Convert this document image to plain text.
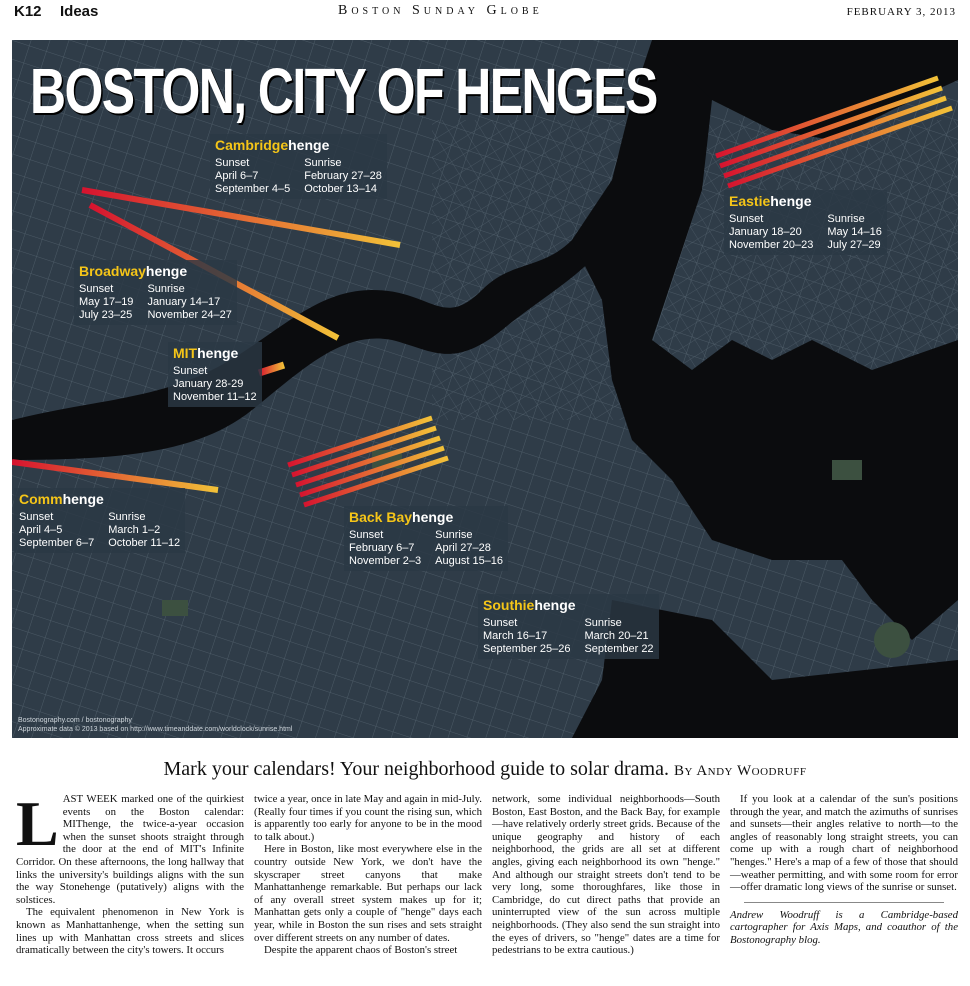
K12 Ideas	Boston Sunday Globe	FEBRUARY 3, 2013
BOSTON, CITY OF HENGES
Cambridgehenge
Sunset
April 6–7
September 4–5
Sunrise
February 27–28
October 13–14
Eastiehenge
Sunset
January 18–20
November 20–23
Sunrise
May 14–16
July 27–29
Broadwayhenge
Sunset
May 17–19
July 23–25
Sunrise
January 14–17
November 24–27
MIThenge
Sunset
January 28-29
November 11–12
Commhenge
Sunset
April 4–5
September 6–7
Sunrise
March 1–2
October 11–12
Back Bayhenge
Sunset
February 6–7
November 2–3
Sunrise
April 27–28
August 15–16
Southiehenge
Sunset
March 16–17
September 25–26
Sunrise
March 20–21
September 22
Bostonography.com / bostonography
Approximate data © 2013 based on http://www.timeanddate.com/worldclock/sunrise.html
Mark your calendars! Your neighborhood guide to solar drama. By Andy Woodruff
L AST WEEK marked one of the quirkiest events on the Boston calendar: MIThenge, the twice-a-year occasion when the sunset shoots straight through the door at the end of MIT's Infinite Corridor. On these afternoons, the long hallway that links the university's buildings aligns with the sun the way Stonehenge (putatively) aligns with the solstices.

The equivalent phenomenon in New York is known as Manhattanhenge, when the setting sun lines up with Manhattan cross streets and slices dramatically between the city's towers. It occurs

twice a year, once in late May and again in mid-July. (Really four times if you count the rising sun, which is apparently too early for anyone to be in the mood to talk about.)

Here in Boston, like most everywhere else in the country outside New York, we don't have the skyscraper street canyons that make Manhattanhenge remarkable. But perhaps our lack of any overall street system makes up for it; Manhattan gets only a couple of "henge" days each year, while in Boston the sun rises and sets straight over different streets on any number of dates.

Despite the apparent chaos of Boston's street

network, some individual neighborhoods—South Boston, East Boston, and the Back Bay, for example—have relatively orderly street grids. Because of the unique geography and history of each neighborhood, the grids are all set at different angles, giving each neighborhood its own "henge." And although our straight streets don't tend to be very long, some thoroughfares, like those in Cambridge, do cut direct paths that provide an uninterrupted view of the sun across multiple neighborhoods. (They also send the sun straight into the eyes of drivers, so "henge" dates are a time for pedestrians to be extra cautious.)

If you look at a calendar of the sun's positions through the year, and match the azimuths of sunrises and sunsets—their angles relative to north—to the angles of reasonably long straight streets, you can come up with a rough chart of neighborhood "henges." Here's a map of a few of those that should—weather permitting, and with some room for error—offer dramatic long views of the sunrise or sunset.

Andrew Woodruff is a Cambridge-based cartographer for Axis Maps, and coauthor of the Bostonography blog.
